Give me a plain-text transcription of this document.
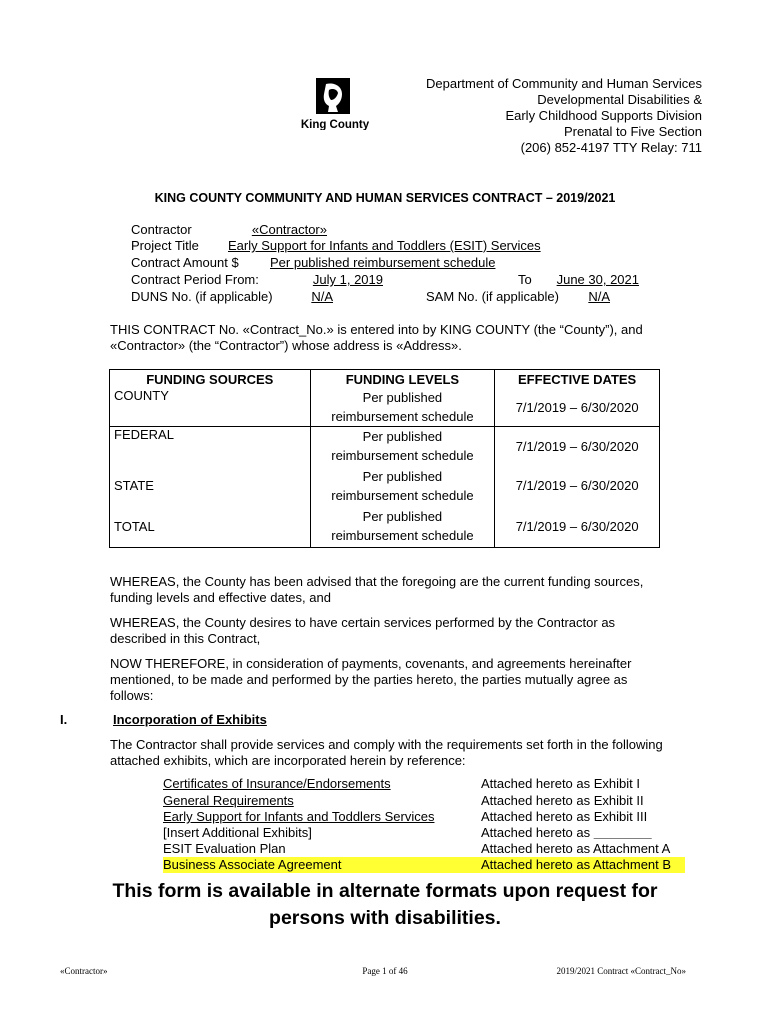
King County
Department of Community and Human Services
Developmental Disabilities &
Early Childhood Supports Division
Prenatal to Five Section
(206) 852-4197 TTY Relay: 711
KING COUNTY COMMUNITY AND HUMAN SERVICES CONTRACT – 2019/2021
Contractor	«Contractor»
Project Title Early Support for Infants and Toddlers (ESIT) Services
Contract Amount $ Per published reimbursement schedule
Contract Period From:	July 1, 2019	To	June 30, 2021
DUNS No. (if applicable)	N/A	SAM No. (if applicable)	N/A
THIS CONTRACT No. «Contract_No.» is entered into by KING COUNTY (the “County”), and «Contractor» (the “Contractor”) whose address is «Address».
FUNDING SOURCES	FUNDING LEVELS	EFFECTIVE DATES
COUNTY	Per published
reimbursement schedule	7/1/2019 – 6/30/2020
FEDERAL	Per published
reimbursement schedule	7/1/2019 – 6/30/2020
STATE	Per published
reimbursement schedule	7/1/2019 – 6/30/2020
TOTAL	Per published
reimbursement schedule	7/1/2019 – 6/30/2020
WHEREAS, the County has been advised that the foregoing are the current funding sources, funding levels and effective dates, and
WHEREAS, the County desires to have certain services performed by the Contractor as described in this Contract,
NOW THEREFORE, in consideration of payments, covenants, and agreements hereinafter mentioned, to be made and performed by the parties hereto, the parties mutually agree as follows:
I.	Incorporation of Exhibits
The Contractor shall provide services and comply with the requirements set forth in the following attached exhibits, which are incorporated herein by reference:
Certificates of Insurance/Endorsements	Attached hereto as Exhibit I
General Requirements	Attached hereto as Exhibit II
Early Support for Infants and Toddlers Services	Attached hereto as Exhibit III
[Insert Additional Exhibits]	Attached hereto as ________
ESIT Evaluation Plan	Attached hereto as Attachment A
Business Associate Agreement	Attached hereto as Attachment B
This form is available in alternate formats upon request for
persons with disabilities.
«Contractor»	Page 1 of 46	2019/2021 Contract «Contract_No»
